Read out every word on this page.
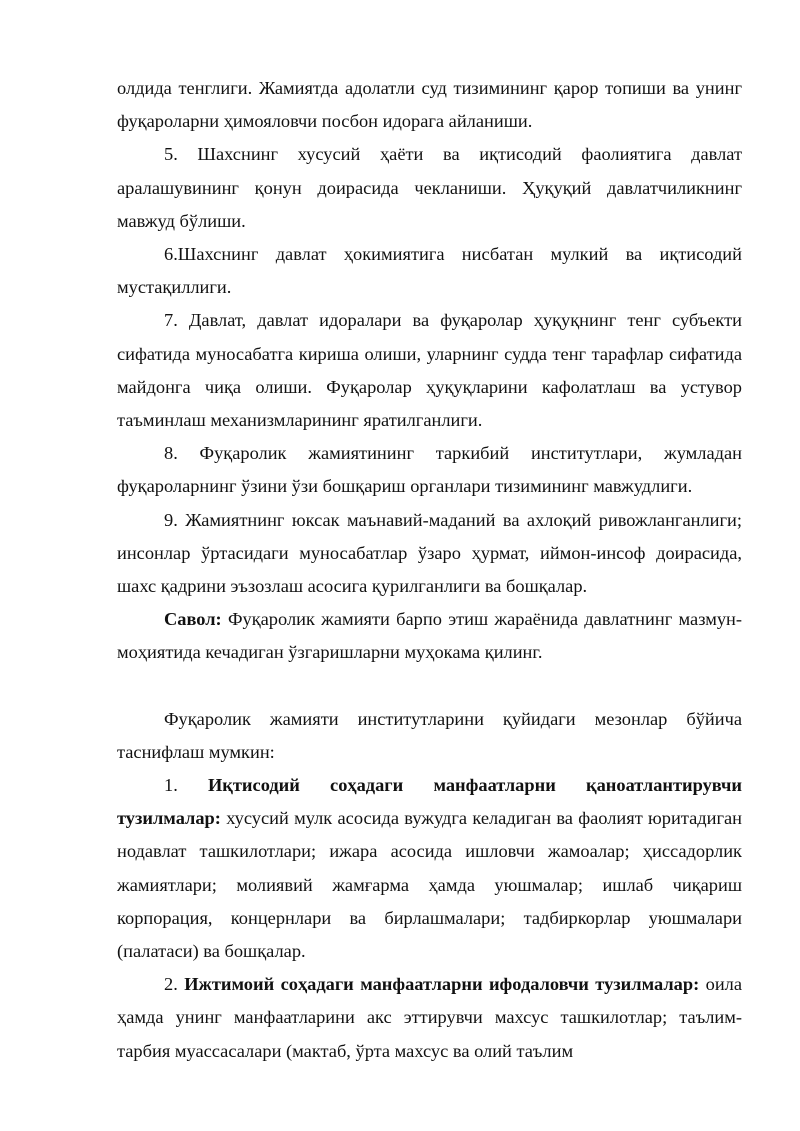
олдида тенглиги. Жамиятда адолатли суд тизимининг қарор топиши ва унинг фуқароларни ҳимояловчи посбон идорага айланиши.

5. Шахснинг хусусий ҳаёти ва иқтисодий фаолиятига давлат аралашувининг қонун доирасида чекланиши. Ҳуқуқий давлатчиликнинг мавжуд бўлиши.

6.Шахснинг давлат ҳокимиятига нисбатан мулкий ва иқтисодий мустақиллиги.

7. Давлат, давлат идоралари ва фуқаролар ҳуқуқнинг тенг субъекти сифатида муносабатга кириша олиши, уларнинг судда тенг тарафлар сифатида майдонга чиқа олиши. Фуқаролар ҳуқуқларини кафолатлаш ва устувор таъминлаш механизмларининг яратилганлиги.

8. Фуқаролик жамиятининг таркибий институтлари, жумладан фуқароларнинг ўзини ўзи бошқариш органлари тизимининг мавжудлиги.

9. Жамиятнинг юксак маънавий-маданий ва ахлоқий ривожланганлиги; инсонлар ўртасидаги муносабатлар ўзаро ҳурмат, иймон-инсоф доирасида, шахс қадрини эъзозлаш асосига қурилганлиги ва бошқалар.

Савол: Фуқаролик жамияти барпо этиш жараёнида давлатнинг мазмун-моҳиятида кечадиган ўзгаришларни муҳокама қилинг.

Фуқаролик жамияти институтларини қуйидаги мезонлар бўйича таснифлаш мумкин:

1. Иқтисодий соҳадаги манфаатларни қаноатлантирувчи тузилмалар: хусусий мулк асосида вужудга келадиган ва фаолият юритадиган нодавлат ташкилотлари; ижара асосида ишловчи жамоалар; ҳиссадорлик жамиятлари; молиявий жамғарма ҳамда уюшмалар; ишлаб чиқариш корпорация, концернлари ва бирлашмалари; тадбиркорлар уюшмалари (палатаси) ва бошқалар.

2. Ижтимоий соҳадаги манфаатларни ифодаловчи тузилмалар: оила ҳамда унинг манфаатларини акс эттирувчи махсус ташкилотлар; таълим-тарбия муассасалари (мактаб, ўрта махсус ва олий таълим
